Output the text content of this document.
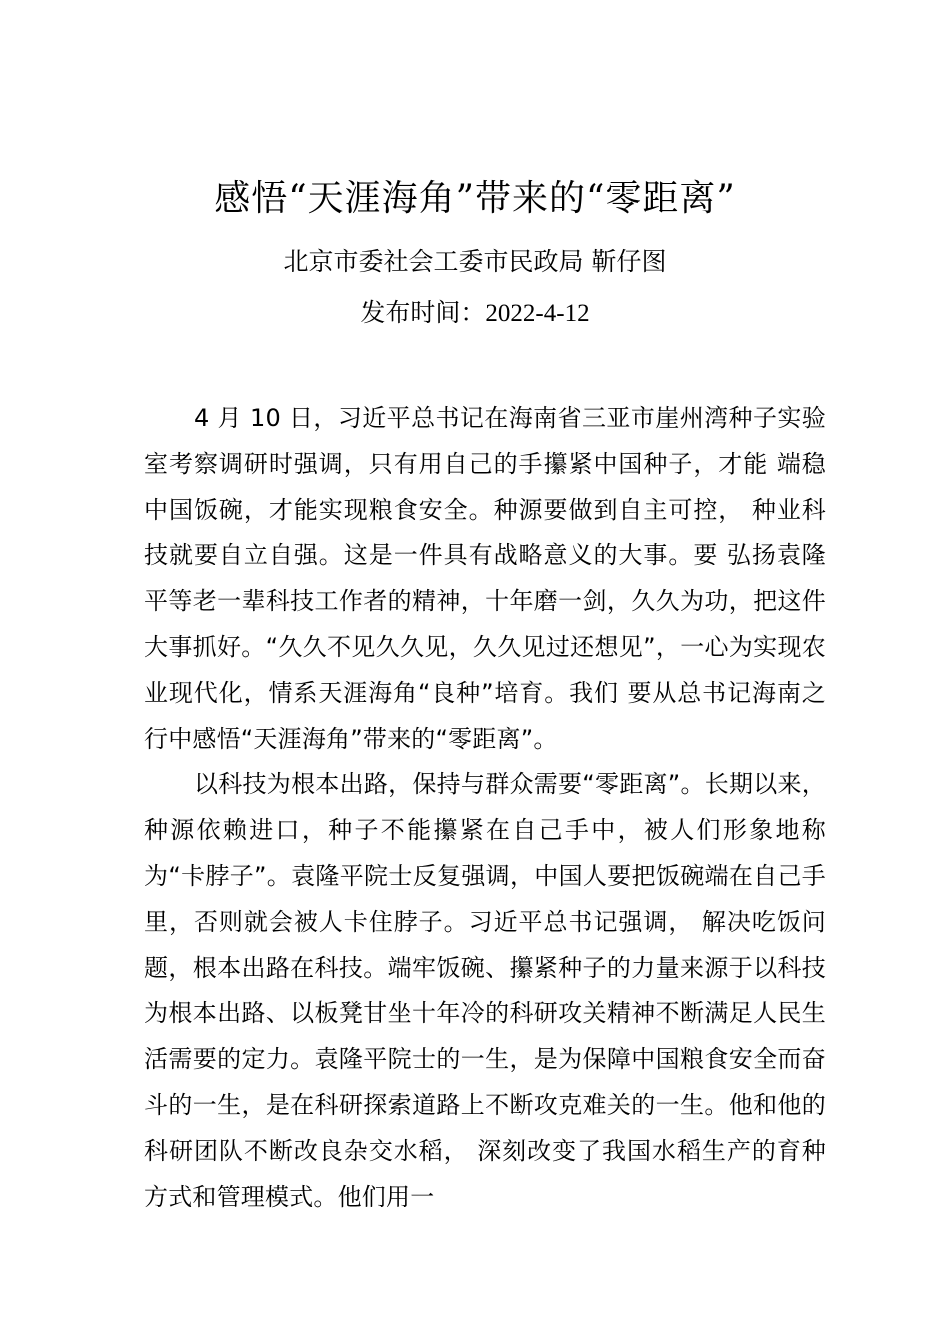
感悟“天涯海角”带来的“零距离”
北京市委社会工委市民政局 靳仔图
发布时间：2022-4-12

4 月 10 日，习近平总书记在海南省三亚市崖州湾种子实验室考察调研时强调，只有用自己的手攥紧中国种子，才能 端稳中国饭碗，才能实现粮食安全。种源要做到自主可控， 种业科技就要自立自强。这是一件具有战略意义的大事。要 弘扬袁隆平等老一辈科技工作者的精神，十年磨一剑，久久为功，把这件大事抓好。“久久不见久久见，久久见过还想见”，一心为实现农业现代化，情系天涯海角“良种”培育。我们 要从总书记海南之行中感悟“天涯海角”带来的“零距离”。

以科技为根本出路，保持与群众需要“零距离”。长期以来，种源依赖进口，种子不能攥紧在自己手中，被人们形象地称为“卡脖子”。袁隆平院士反复强调，中国人要把饭碗端在自己手里，否则就会被人卡住脖子。习近平总书记强调， 解决吃饭问题，根本出路在科技。端牢饭碗、攥紧种子的力量来源于以科技为根本出路、以板凳甘坐十年冷的科研攻关精神不断满足人民生活需要的定力。袁隆平院士的一生，是为保障中国粮食安全而奋斗的一生，是在科研探索道路上不断攻克难关的一生。他和他的科研团队不断改良杂交水稻， 深刻改变了我国水稻生产的育种方式和管理模式。他们用一
